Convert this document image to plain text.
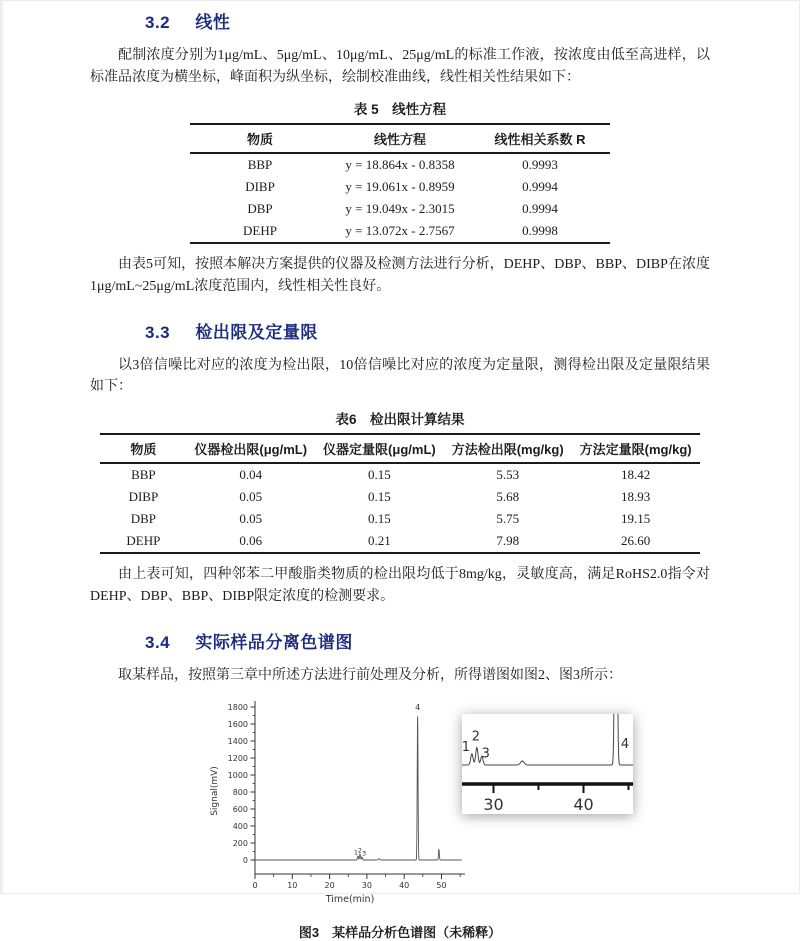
3.2 线性

配制浓度分别为1μg/mL、5μg/mL、10μg/mL、25μg/mL的标准工作液，按浓度由低至高进样，以标准品浓度为横坐标，峰面积为纵坐标，绘制校准曲线，线性相关性结果如下：

表 5　线性方程
物质	线性方程	线性相关系数 R
BBP	y = 18.864x - 0.8358	0.9993
DIBP	y = 19.061x - 0.8959	0.9994
DBP	y = 19.049x - 2.3015	0.9994
DEHP	y = 13.072x - 2.7567	0.9998

由表5可知，按照本解决方案提供的仪器及检测方法进行分析，DEHP、DBP、BBP、DIBP在浓度1μg/mL~25μg/mL浓度范围内，线性相关性良好。

3.3 检出限及定量限

以3倍信噪比对应的浓度为检出限，10倍信噪比对应的浓度为定量限，测得检出限及定量限结果如下：

表6　检出限计算结果
物质	仪器检出限(μg/mL)	仪器定量限(μg/mL)	方法检出限(mg/kg)	方法定量限(mg/kg)
BBP	0.04	0.15	5.53	18.42
DIBP	0.05	0.15	5.68	18.93
DBP	0.05	0.15	5.75	19.15
DEHP	0.06	0.21	7.98	26.60

由上表可知，四种邻苯二甲酸脂类物质的检出限均低于8mg/kg，灵敏度高，满足RoHS2.0指令对DEHP、DBP、BBP、DIBP限定浓度的检测要求。

3.4 实际样品分离色谱图

取某样品，按照第三章中所述方法进行前处理及分析，所得谱图如图2、图3所示：

0
200
400
600
800
1000
1200
1400
1600
1800
0	10	20	30	40	50
Signal(mV)
Time(min)
1 2 3
4
30	40
1
2
3
4
图3　某样品分析色谱图（未稀释）
